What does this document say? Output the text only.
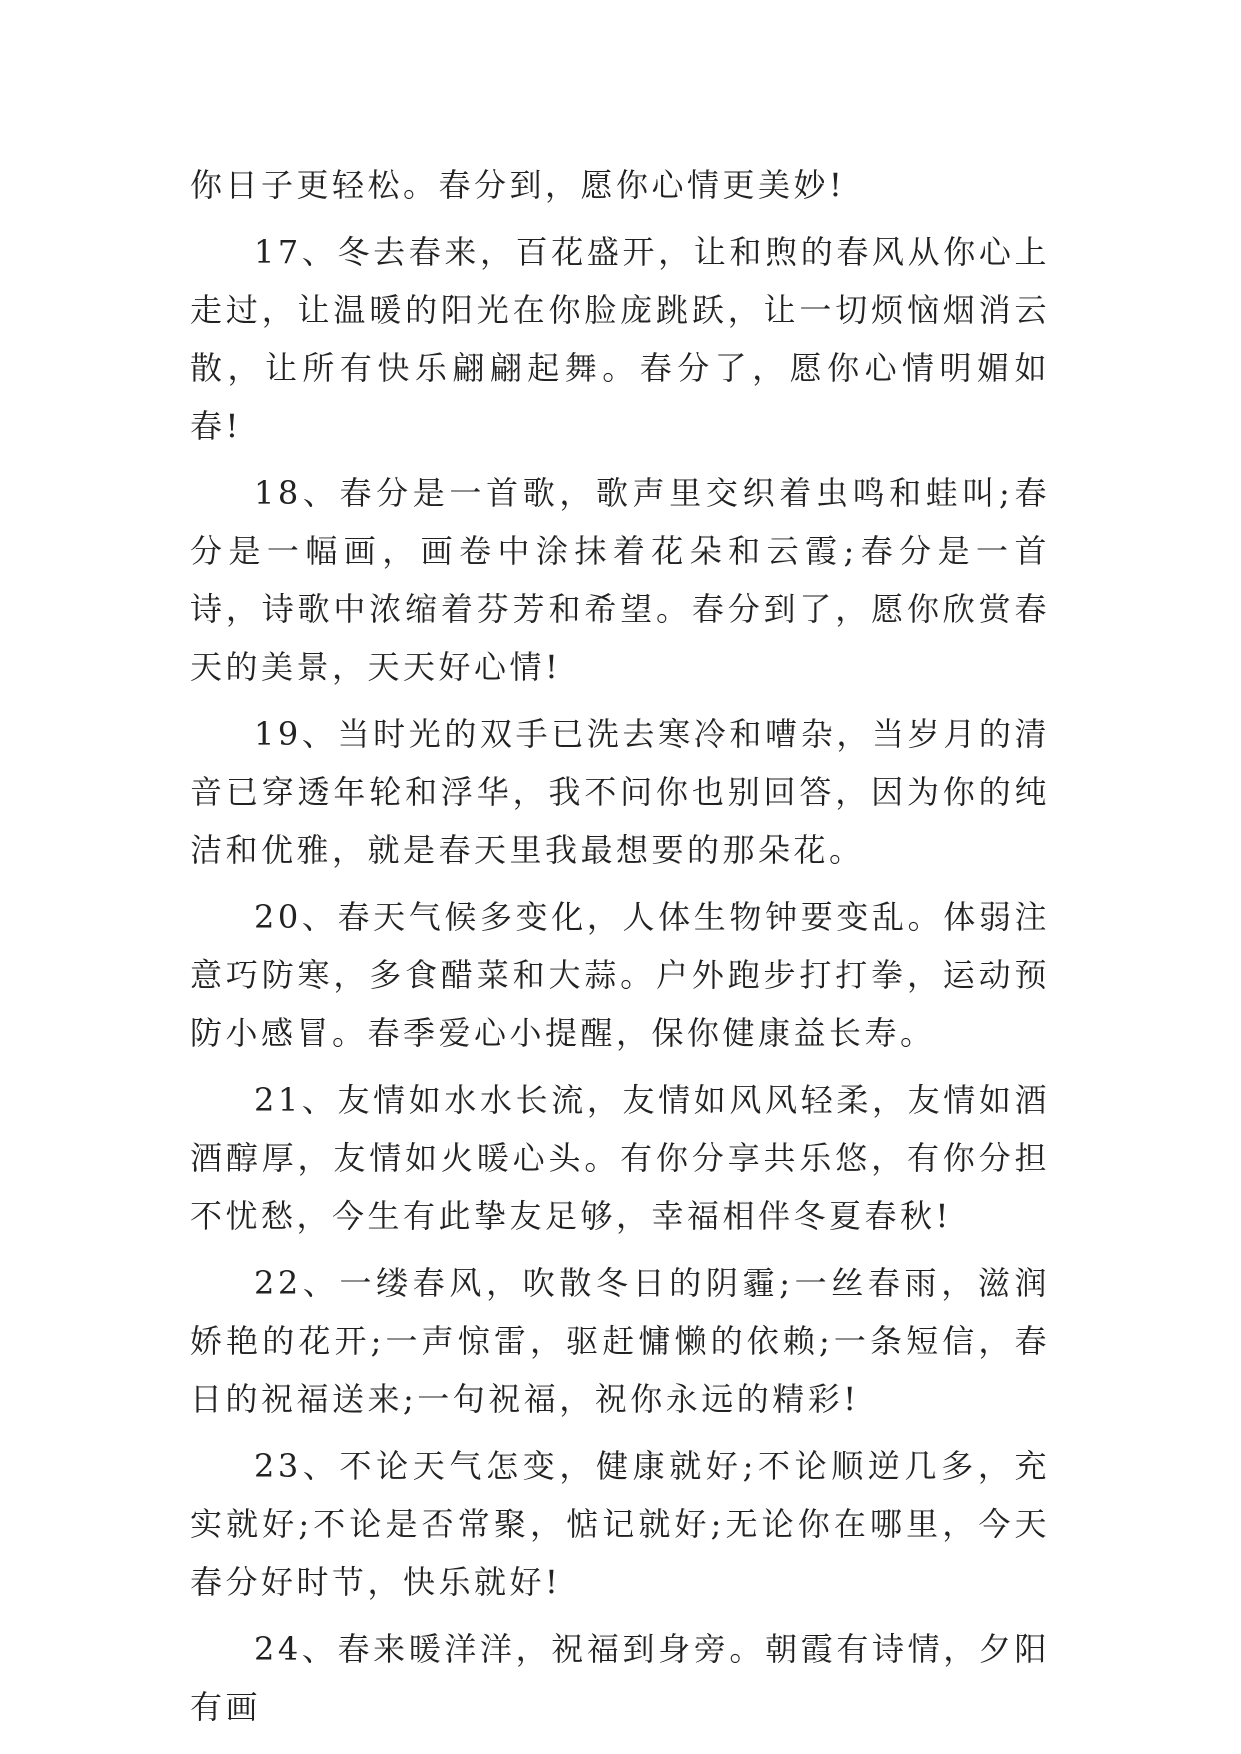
你日子更轻松。春分到，愿你心情更美妙!

17、冬去春来，百花盛开，让和煦的春风从你心上走过，让温暖的阳光在你脸庞跳跃，让一切烦恼烟消云散，让所有快乐翩翩起舞。春分了，愿你心情明媚如春!

18、春分是一首歌，歌声里交织着虫鸣和蛙叫;春分是一幅画，画卷中涂抹着花朵和云霞;春分是一首诗，诗歌中浓缩着芬芳和希望。春分到了，愿你欣赏春天的美景，天天好心情!

19、当时光的双手已洗去寒冷和嘈杂，当岁月的清音已穿透年轮和浮华，我不问你也别回答，因为你的纯洁和优雅，就是春天里我最想要的那朵花。

20、春天气候多变化，人体生物钟要变乱。体弱注意巧防寒，多食醋菜和大蒜。户外跑步打打拳，运动预防小感冒。春季爱心小提醒，保你健康益长寿。

21、友情如水水长流，友情如风风轻柔，友情如酒酒醇厚，友情如火暖心头。有你分享共乐悠，有你分担不忧愁，今生有此挚友足够，幸福相伴冬夏春秋!

22、一缕春风，吹散冬日的阴霾;一丝春雨，滋润娇艳的花开;一声惊雷，驱赶慵懒的依赖;一条短信，春日的祝福送来;一句祝福，祝你永远的精彩!

23、不论天气怎变，健康就好;不论顺逆几多，充实就好;不论是否常聚，惦记就好;无论你在哪里，今天春分好时节，快乐就好!

24、春来暖洋洋，祝福到身旁。朝霞有诗情，夕阳有画
